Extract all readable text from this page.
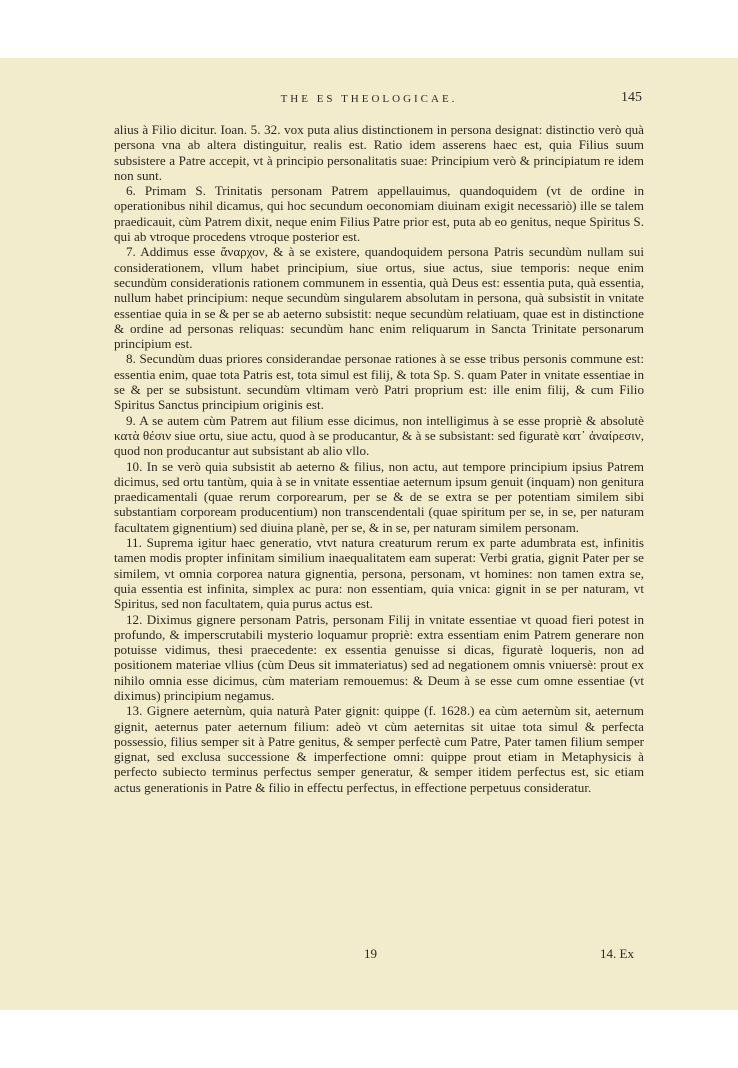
THE ES THEOLOGICAE.	145

alius à Filio dicitur. Ioan. 5. 32. vox puta alius distinctionem in persona designat: distinctio verò quà persona vna ab altera distinguitur, realis est. Ratio idem asserens haec est, quia Filius suum subsistere a Patre accepit, vt à principio personalitatis suae: Principium verò & principiatum re idem non sunt.

6. Primam S. Trinitatis personam Patrem appellauimus, quandoquidem (vt de ordine in operationibus nihil dicamus, qui hoc secundum oeconomiam diuinam exigit necessariò) ille se talem praedicauit, cùm Patrem dixit, neque enim Filius Patre prior est, puta ab eo genitus, neque Spiritus S. qui ab vtroque procedens vtroque posterior est.

7. Addimus esse ἄναρχον, & à se existere, quandoquidem persona Patris secundùm nullam sui considerationem, vllum habet principium, siue ortus, siue actus, siue temporis: neque enim secundùm considerationis rationem communem in essentia, quà Deus est: essentia puta, quà essentia, nullum habet principium: neque secundùm singularem absolutam in persona, quà subsistit in vnitate essentiae quia in se & per se ab aeterno subsistit: neque secundùm relatiuam, quae est in distinctione & ordine ad personas reliquas: secundùm hanc enim reliquarum in Sancta Trinitate personarum principium est.

8. Secundùm duas priores considerandae personae rationes à se esse tribus personis commune est: essentia enim, quae tota Patris est, tota simul est filij, & tota Sp. S. quam Pater in vnitate essentiae in se & per se subsistunt. secundùm vltimam verò Patri proprium est: ille enim filij, & cum Filio Spiritus Sanctus principium originis est.

9. A se autem cùm Patrem aut filium esse dicimus, non intelligimus à se esse propriè & absolutè κατὰ θέσιν siue ortu, siue actu, quod à se producantur, & à se subsistant: sed figuratè κατ᾽ ἀναίρεσιν, quod non producantur aut subsistant ab alio vllo.

10. In se verò quia subsistit ab aeterno & filius, non actu, aut tempore principium ipsius Patrem dicimus, sed ortu tantùm, quia à se in vnitate essentiae aeternum ipsum genuit (inquam) non genitura praedicamentali (quae rerum corporearum, per se & de se extra se per potentiam similem sibi substantiam corpoream producentium) non transcendentali (quae spiritum per se, in se, per naturam facultatem gignentium) sed diuina planè, per se, & in se, per naturam similem personam.

11. Suprema igitur haec generatio, vtvt natura creaturum rerum ex parte adumbrata est, infinitis tamen modis propter infinitam similium inaequalitatem eam superat: Verbi gratia, gignit Pater per se similem, vt omnia corporea natura gignentia, persona, personam, vt homines: non tamen extra se, quia essentia est infinita, simplex ac pura: non essentiam, quia vnica: gignit in se per naturam, vt Spiritus, sed non facultatem, quia purus actus est.

12. Diximus gignere personam Patris, personam Filij in vnitate essentiae vt quoad fieri potest in profundo, & imperscrutabili mysterio loquamur propriè: extra essentiam enim Patrem generare non potuisse vidimus, thesi praecedente: ex essentia genuisse si dicas, figuratè loqueris, non ad positionem materiae vllius (cùm Deus sit immateriatus) sed ad negationem omnis vniuersè: prout ex nihilo omnia esse dicimus, cùm materiam remouemus: & Deum à se esse cum omne essentiae (vt diximus) principium negamus.

13. Gignere aeternùm, quia naturà Pater gignit: quippe (f. 1628.) ea cùm aeternùm sit, aeternum gignit, aeternus pater aeternum filium: adeò vt cùm aeternitas sit uitae tota simul & perfecta possessio, filius semper sit à Patre genitus, & semper perfectè cum Patre, Pater tamen filium semper gignat, sed exclusa successione & imperfectione omni: quippe prout etiam in Metaphysicis à perfecto subiecto terminus perfectus semper generatur, & semper itidem perfectus est, sic etiam actus generationis in Patre & filio in effectu perfectus, in effectione perpetuus consideratur.

19	14. Ex
